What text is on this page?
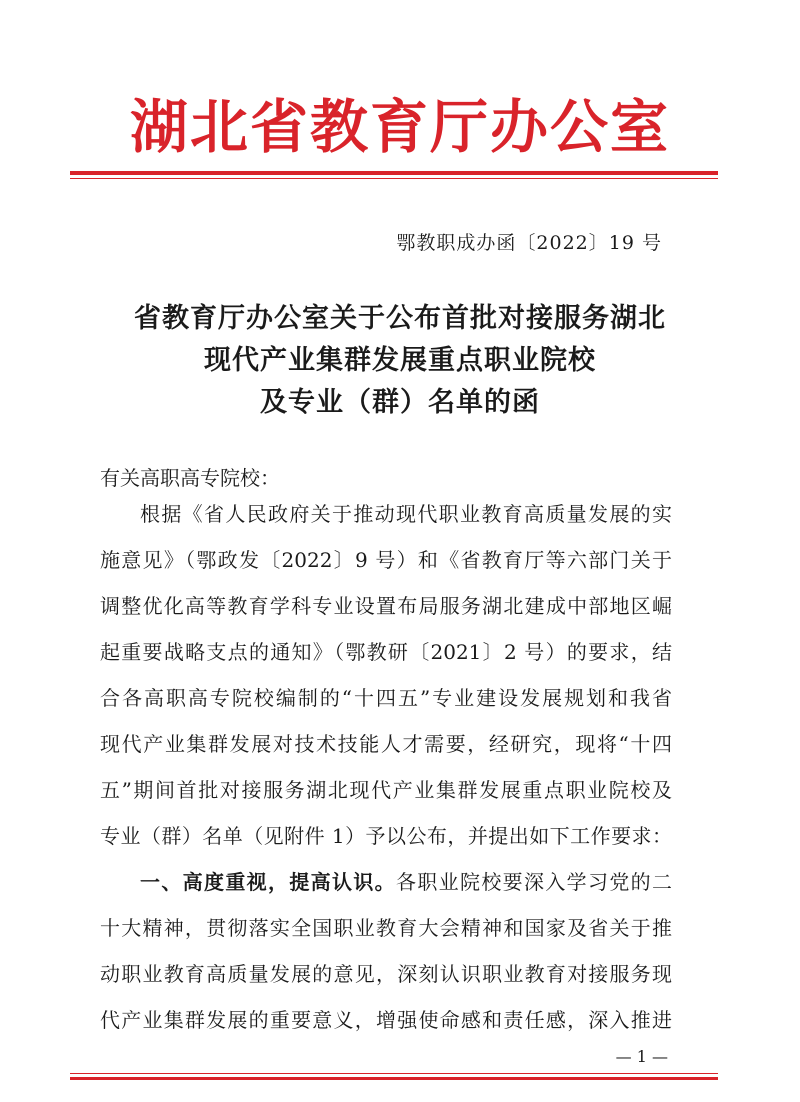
湖北省教育厅办公室
鄂教职成办函〔2022〕19 号
省教育厅办公室关于公布首批对接服务湖北
现代产业集群发展重点职业院校
及专业（群）名单的函
有关高职高专院校：
根据《省人民政府关于推动现代职业教育高质量发展的实
施意见》（鄂政发〔2022〕9 号）和《省教育厅等六部门关于
调整优化高等教育学科专业设置布局服务湖北建成中部地区崛
起重要战略支点的通知》（鄂教研〔2021〕2 号）的要求，结
合各高职高专院校编制的“十四五”专业建设发展规划和我省
现代产业集群发展对技术技能人才需要，经研究，现将“十四
五”期间首批对接服务湖北现代产业集群发展重点职业院校及
专业（群）名单（见附件 1）予以公布，并提出如下工作要求：
一、高度重视，提高认识。各职业院校要深入学习党的二
十大精神，贯彻落实全国职业教育大会精神和国家及省关于推
动职业教育高质量发展的意见，深刻认识职业教育对接服务现
代产业集群发展的重要意义，增强使命感和责任感，深入推进
— 1 —
